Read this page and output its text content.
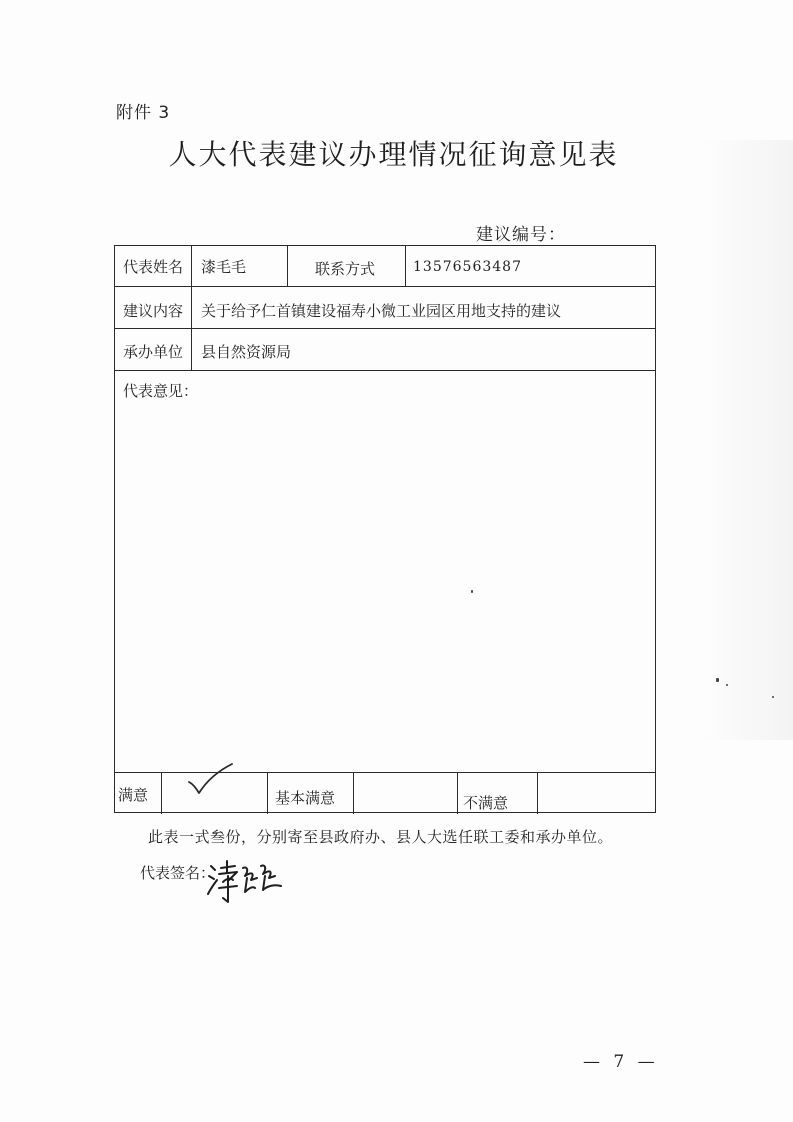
附件 3
人大代表建议办理情况征询意见表
建议编号：
代表姓名 漆毛毛	联系方式	13576563487
建议内容 关于给予仁首镇建设福寿小微工业园区用地支持的建议
承办单位 县自然资源局
代表意见：
满意	基本满意	不满意
此表一式叁份，分别寄至县政府办、县人大选任联工委和承办单位。
代表签名：
— 7 —
